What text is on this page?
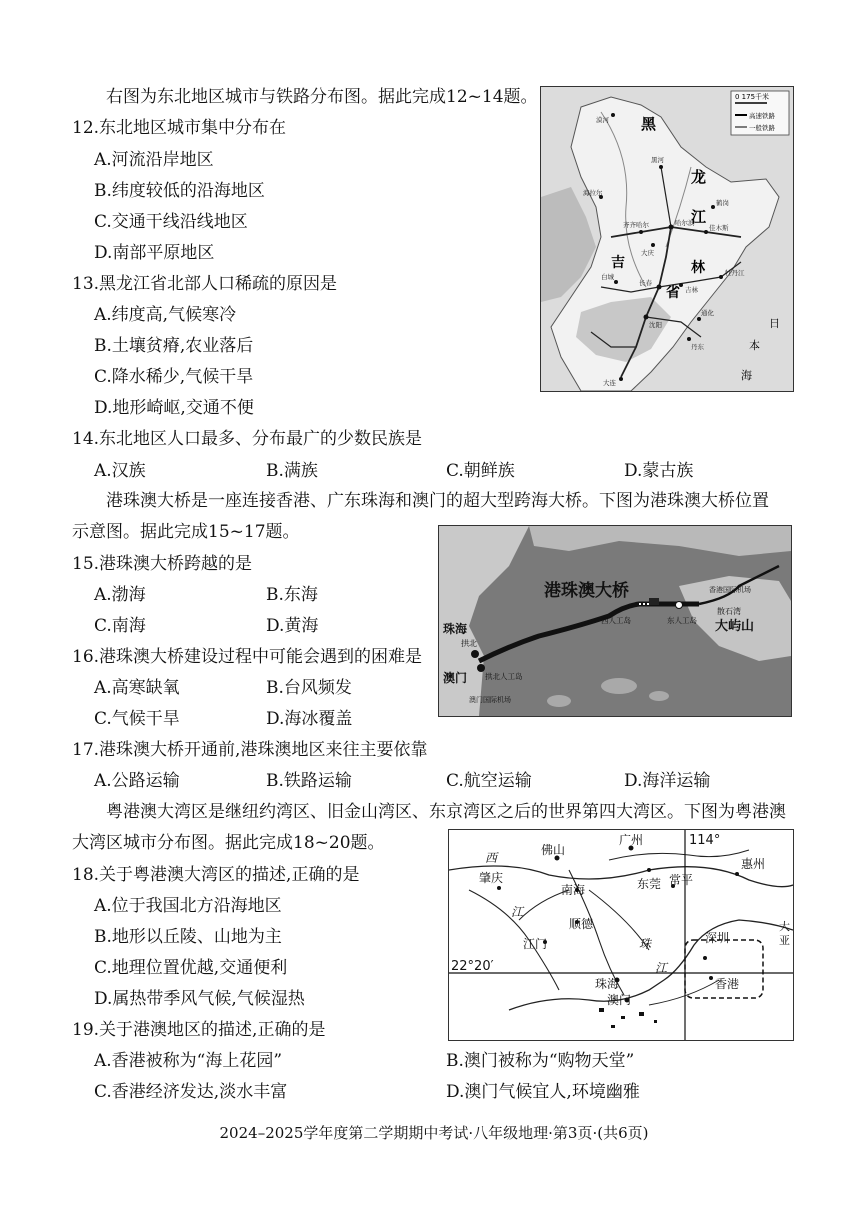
右图为东北地区城市与铁路分布图。据此完成12~14题。
12.东北地区城市集中分布在
A.河流沿岸地区
B.纬度较低的沿海地区
C.交通干线沿线地区
D.南部平原地区
13.黑龙江省北部人口稀疏的原因是
A.纬度高,气候寒冷
B.土壤贫瘠,农业落后
C.降水稀少,气候干旱
D.地形崎岖,交通不便
14.东北地区人口最多、分布最广的少数民族是
A.汉族	B.满族	C.朝鲜族	D.蒙古族
港珠澳大桥是一座连接香港、广东珠海和澳门的超大型跨海大桥。下图为港珠澳大桥位置
示意图。据此完成15~17题。
15.港珠澳大桥跨越的是
A.渤海	B.东海
C.南海	D.黄海
16.港珠澳大桥建设过程中可能会遇到的困难是
A.高寒缺氧	B.台风频发
C.气候干旱	D.海冰覆盖
17.港珠澳大桥开通前,港珠澳地区来往主要依靠
A.公路运输	B.铁路运输	C.航空运输	D.海洋运输
粤港澳大湾区是继纽约湾区、旧金山湾区、东京湾区之后的世界第四大湾区。下图为粤港澳
大湾区城市分布图。据此完成18~20题。
18.关于粤港澳大湾区的描述,正确的是
A.位于我国北方沿海地区
B.地形以丘陵、山地为主
C.地理位置优越,交通便利
D.属热带季风气候,气候湿热
19.关于港澳地区的描述,正确的是
A.香港被称为“海上花园”	B.澳门被称为“购物天堂”
C.香港经济发达,淡水丰富	D.澳门气候宜人,环境幽雅
2024–2025学年度第二学期期中考试·八年级地理·第3页·(共6页)
0 175千米
高速铁路
一般铁路
黑
龙
江
吉	林
省
日
本
海
漠河
黑河
齐齐哈尔
大庆
哈尔滨
长春
吉林
沈阳
大连
佳木斯
牡丹江
丹东
海拉尔
白城
通化
鹤岗
港珠澳大桥
珠海
拱北
澳门 拱北人工岛
澳门国际机场
西人工岛	东人工岛
香港国际机场
散石湾
大屿山
114°
22°20′
广州
佛山
肇庆
西
江
东莞 常平
惠州
南海
顺德
江门	珠	深圳
珠海
江
澳门
香港
大
亚
